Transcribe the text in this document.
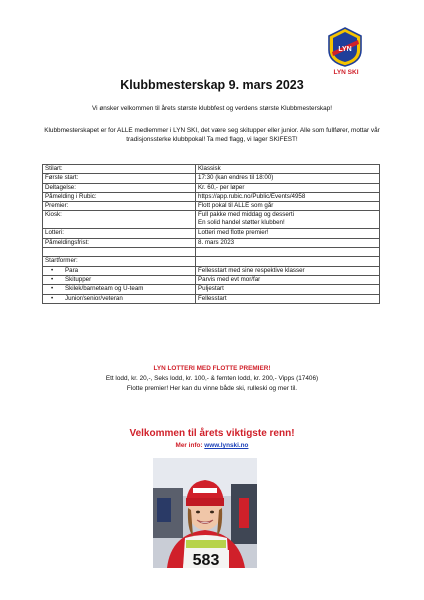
LYN
LYN SKI
Klubbmesterskap 9. mars 2023
Vi ønsker velkommen til årets største klubbfest og verdens største Klubbmesterskap!
Klubbmesterskapet er for ALLE medlemmer i LYN SKI, det være seg skitupper eller junior. Alle som fullfører, mottar vår tradisjonssterke klubbpokal! Ta med flagg, vi lager SKIFEST!
Stilart:	Klassisk
Første start:	17:30 (kan endres til 18:00)
Deltagelse:	Kr. 60,- per løper
Påmelding i Rubic:	https://app.rubic.no/Public/Events/4958
Premier:	Flott pokal til ALLE som går
Kiosk:	Full pakke med middag og desserti
En solid handel støtter klubben!

Lotteri:	Lotteri med flotte premier!
Påmeldingsfrist:	8. mars 2023

Startformer:	
• Para	Fellesstart med sine respektive klasser
• Skitupper	Parvis med evt mor/far
• Skilek/barneteam og U-team	Puljestart
• Junior/senior/veteran	Fellesstart
LYN LOTTERI MED FLOTTE PREMIER!
Ett lodd, kr. 20,-, Seks lodd, kr. 100,- & femten lodd, kr. 200,- Vipps (17406)
Flotte premier! Her kan du vinne både ski, rulleski og mer til.
Velkommen til årets viktigste renn!
Mer info: www.lynski.no
583
